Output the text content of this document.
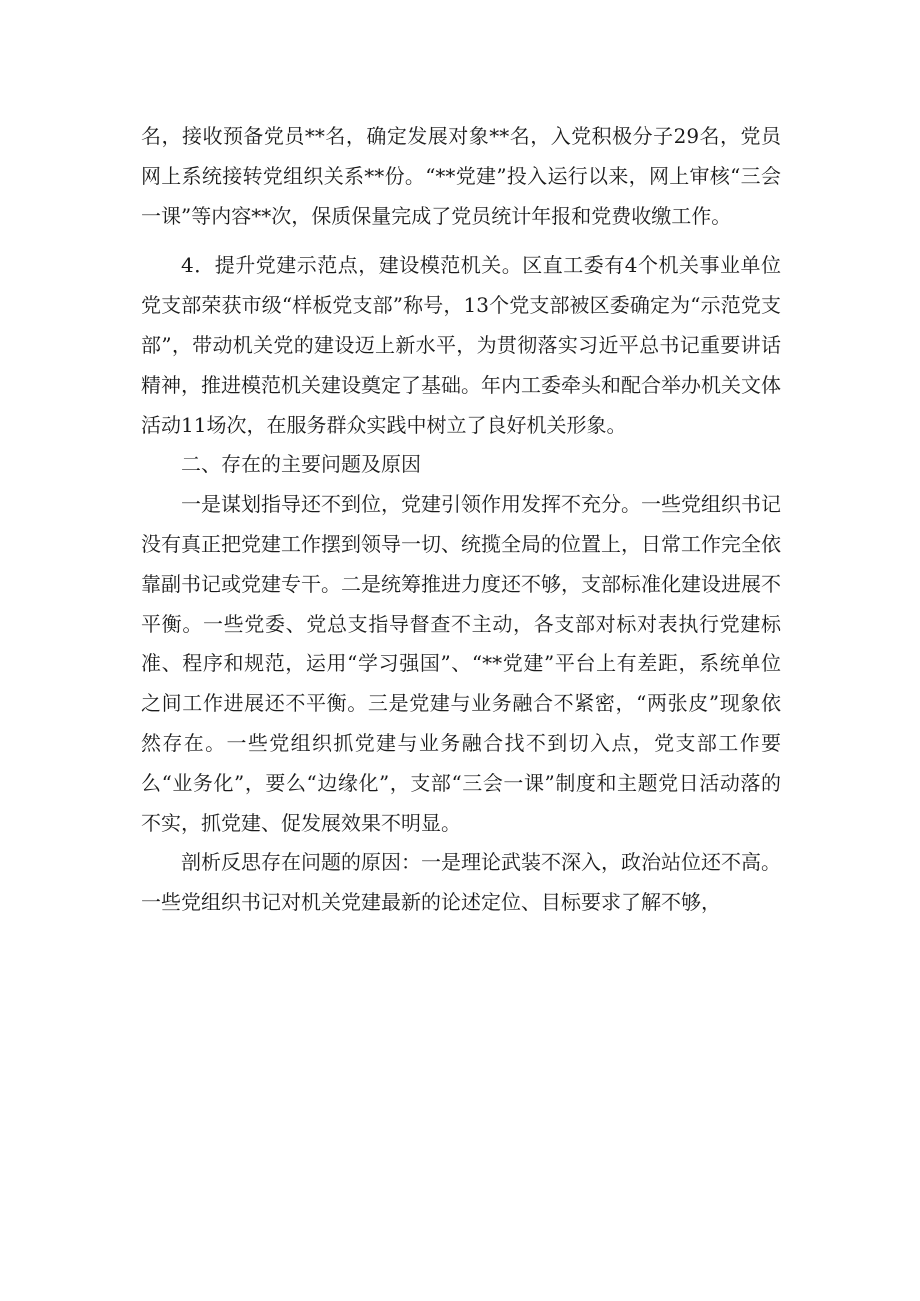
名，接收预备党员**名，确定发展对象**名，入党积极分子29名，党员网上系统接转党组织关系**份。“**党建”投入运行以来，网上审核“三会一课”等内容**次，保质保量完成了党员统计年报和党费收缴工作。

4．提升党建示范点，建设模范机关。区直工委有4个机关事业单位党支部荣获市级“样板党支部”称号，13个党支部被区委确定为“示范党支部”，带动机关党的建设迈上新水平，为贯彻落实习近平总书记重要讲话精神，推进模范机关建设奠定了基础。年内工委牵头和配合举办机关文体活动11场次，在服务群众实践中树立了良好机关形象。

二、存在的主要问题及原因

一是谋划指导还不到位，党建引领作用发挥不充分。一些党组织书记没有真正把党建工作摆到领导一切、统揽全局的位置上，日常工作完全依靠副书记或党建专干。二是统筹推进力度还不够，支部标准化建设进展不平衡。一些党委、党总支指导督查不主动，各支部对标对表执行党建标准、程序和规范，运用“学习强国”、“**党建”平台上有差距，系统单位之间工作进展还不平衡。三是党建与业务融合不紧密，“两张皮”现象依然存在。一些党组织抓党建与业务融合找不到切入点，党支部工作要么“业务化”，要么“边缘化”，支部“三会一课”制度和主题党日活动落的不实，抓党建、促发展效果不明显。

剖析反思存在问题的原因：一是理论武装不深入，政治站位还不高。一些党组织书记对机关党建最新的论述定位、目标要求了解不够，
